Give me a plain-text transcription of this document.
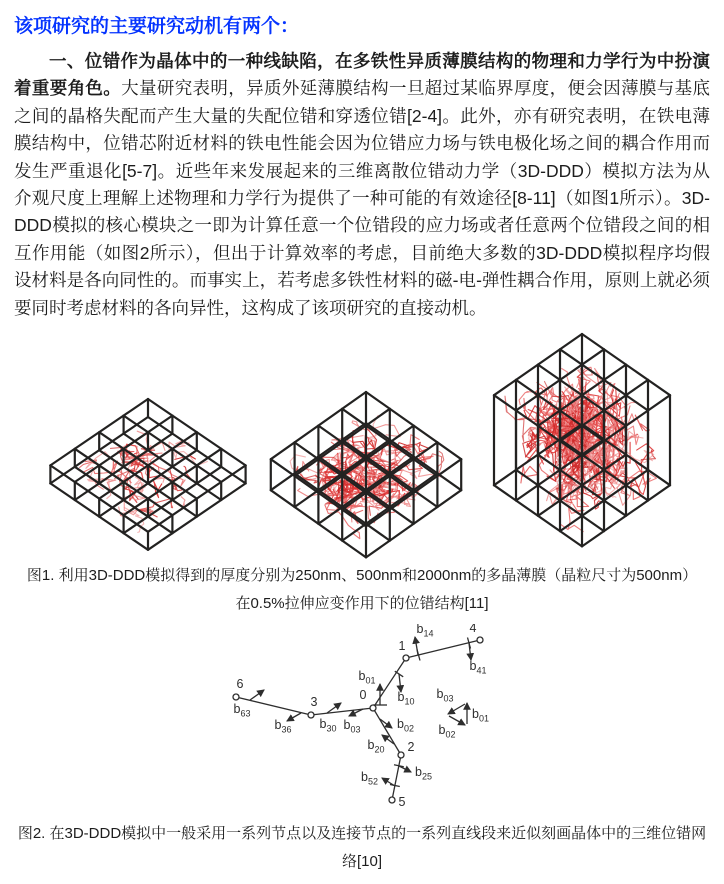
该项研究的主要研究动机有两个：

一、位错作为晶体中的一种线缺陷，在多铁性异质薄膜结构的物理和力学行为中扮演着重要角色。大量研究表明，异质外延薄膜结构一旦超过某临界厚度，便会因薄膜与基底之间的晶格失配而产生大量的失配位错和穿透位错[2-4]。此外，亦有研究表明，在铁电薄膜结构中，位错芯附近材料的铁电性能会因为位错应力场与铁电极化场之间的耦合作用而发生严重退化[5-7]。近些年来发展起来的三维离散位错动力学（3D-DDD）模拟方法为从介观尺度上理解上述物理和力学行为提供了一种可能的有效途径[8-11]（如图1所示）。3D-DDD模拟的核心模块之一即为计算任意一个位错段的应力场或者任意两个位错段之间的相互作用能（如图2所示），但出于计算效率的考虑，目前绝大多数的3D-DDD模拟程序均假设材料是各向同性的。而事实上，若考虑多铁性材料的磁-电-弹性耦合作用，原则上就必须要同时考虑材料的各向异性，这构成了该项研究的直接动机。

图1. 利用3D-DDD模拟得到的厚度分别为250nm、500nm和2000nm的多晶薄膜（晶粒尺寸为500nm）
在0.5%拉伸应变作用下的位错结构[11]
$b_{01}$
$b_{10}$
$b_{14}$
$b_{41}$
$b_{30}$ $b_{03}$
$b_{63}$
$b_{36}$	$b_{02}$
$b_{20}$
$b_{25}$
$b_{52}$
$b_{01}$
$b_{03}$
$b_{02}$
0
1
2
3
4
5
6
图2. 在3D-DDD模拟中一般采用一系列节点以及连接节点的一系列直线段来近似刻画晶体中的三维位错网络[10]
